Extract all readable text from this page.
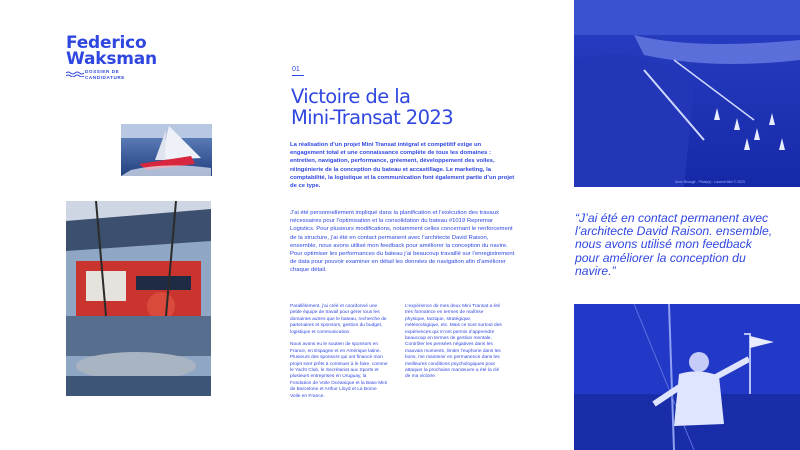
Federico
Waksman
DOSSIER DE
CANDIDATURE
01
Victoire de la
Mini-Transat 2023
La réalisation d’un projet Mini Transat intégral et compétitif exige un engagement total et une connaissance complète de tous les domaines : entretien, navigation, performance, gréement, développement des voiles, réingénierie de la conception du bateau et accastillage. Le marketing, la comptabilité, la logistique et la communication font également partie d’un projet de ce type.
J’ai été personnellement impliqué dans la planification et l’exécution des travaux nécessaires pour l’optimisation et la consolidation du bateau #1019 Repremar Logistics. Pour plusieurs modifications, notamment celles concernant le renforcement de la structure, j’ai été en contact permanent avec l’architecte David Raison, ensemble, nous avons utilisé mon feedback pour améliorer la conception du navire. Pour optimiser les performances du bateau j’ai beaucoup travaillé sur l’enregistrement de data pour pouvoir examiner en détail les données de navigation afin d’améliorer chaque détail.

Parallèlement, j’ai créé et coordonné une petite équipe de travail pour gérer tous les domaines autres que le bateau, recherche de partenaires et sponsors, gestion du budget, logistique et communication.

Nous avons eu le soutien de sponsors en France, en Espagne et en Amérique latine. Plusieurs des sponsors qui ont financé mon projet sont prêts à continuer à le faire, comme le Yacht Club, le Secrétariat aux Sports et plusieurs entreprises en Uruguay, la Fondation de Voile Océanique et la Base Mini de Barcelone et Arthur Lloyd et La Borne Voile en France.

L’expérience de mes deux Mini Transat a été très formatrice en termes de maîtrise physique, tactique, stratégique, météorologique, etc. Mais ce sont surtout des expériences qui m’ont permis d’apprendre beaucoup en termes de gestion mentale. Contrôler les pensées négatives dans les mauvais moments, limiter l’euphorie dans les bons, me maintenir en permanence dans les meilleures conditions psychologiques pour attaquer la prochaine manœuvre a été la clé de ma victoire.

Anne Beaugé - Photo(s) : Laurent Mini © 2023
“J’ai été en contact permanent avec l’architecte David Raison. ensemble, nous avons utilisé mon feedback pour améliorer la conception du navire.”
